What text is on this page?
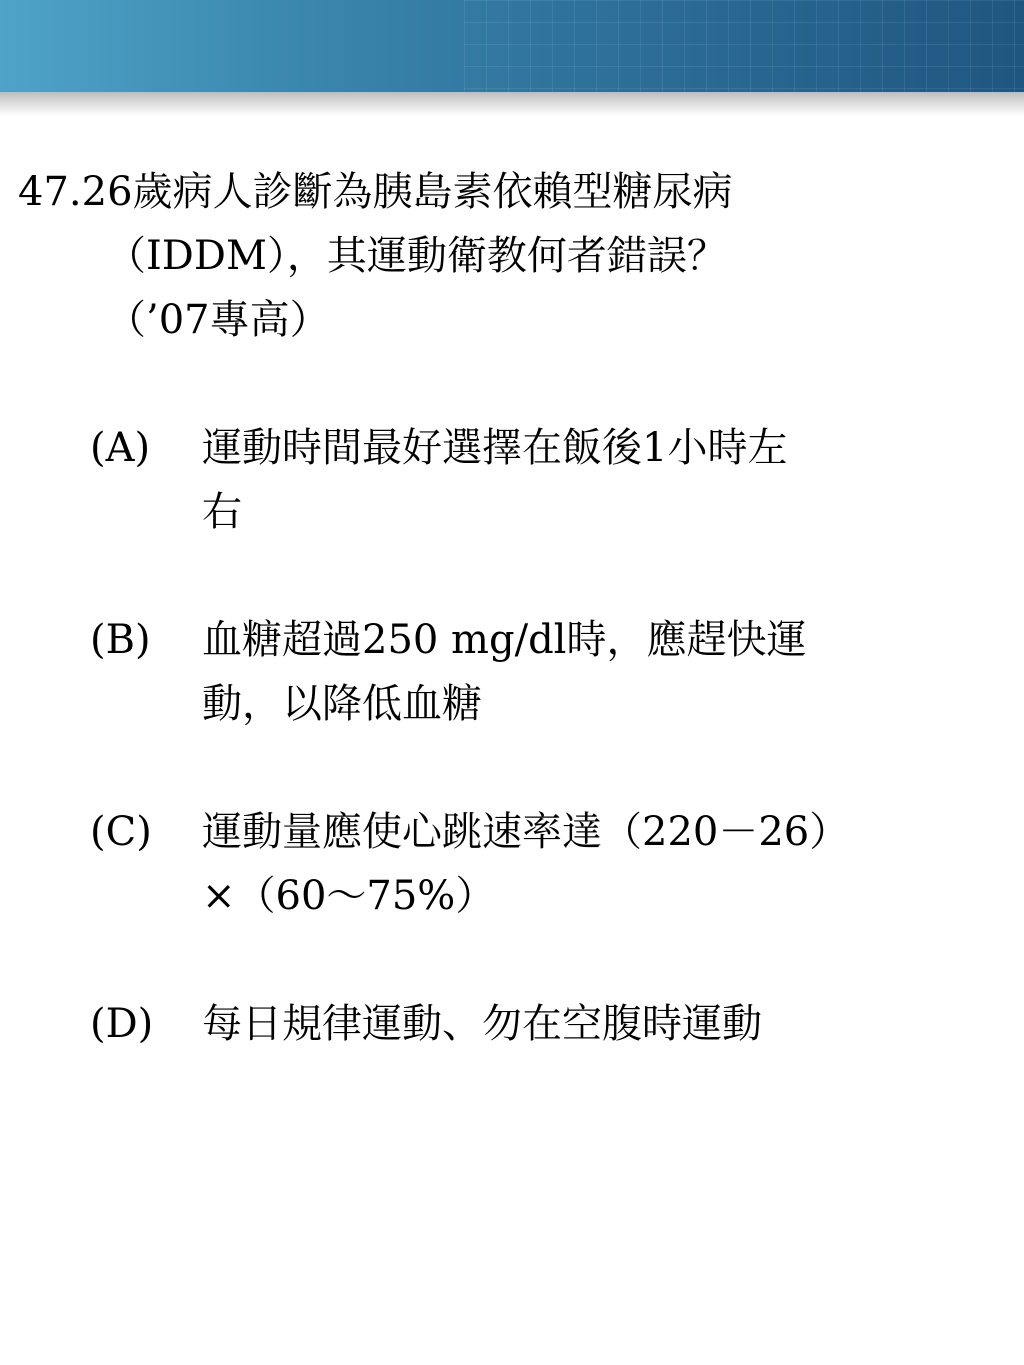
47.26歲病人診斷為胰島素依賴型糖尿病
（IDDM），其運動衛教何者錯誤？
（’07專高）
(A) 運動時間最好選擇在飯後1小時左
右
(B) 血糖超過250 mg/dl時，應趕快運
動，以降低血糖
(C) 運動量應使心跳速率達（220－26）
×（60～75%）
(D) 每日規律運動、勿在空腹時運動
